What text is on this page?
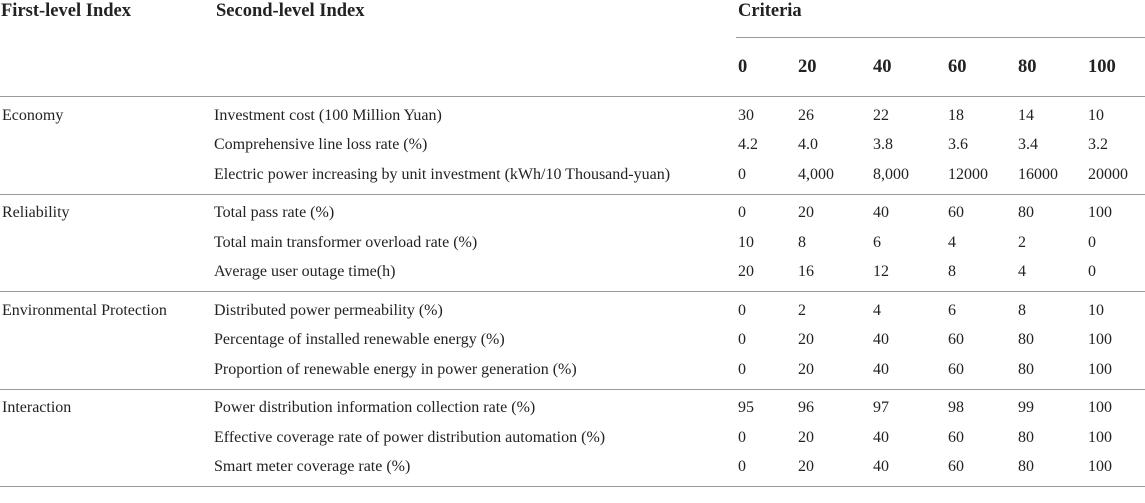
First-level Index	Second-level Index	Criteria					
		0	20	40	60	80	100
Economy	Investment cost (100 Million Yuan)	30	26	22	18	14	10
	Comprehensive line loss rate (%)	4.2	4.0	3.8	3.6	3.4	3.2
	Electric power increasing by unit investment (kWh/10 Thousand-yuan)	0	4,000	8,000	12000	16000	20000
Reliability	Total pass rate (%)	0	20	40	60	80	100
	Total main transformer overload rate (%)	10	8	6	4	2	0
	Average user outage time(h)	20	16	12	8	4	0
Environmental Protection	Distributed power permeability (%)	0	2	4	6	8	10
	Percentage of installed renewable energy (%)	0	20	40	60	80	100
	Proportion of renewable energy in power generation (%)	0	20	40	60	80	100
Interaction	Power distribution information collection rate (%)	95	96	97	98	99	100
	Effective coverage rate of power distribution automation (%)	0	20	40	60	80	100
	Smart meter coverage rate (%)	0	20	40	60	80	100
